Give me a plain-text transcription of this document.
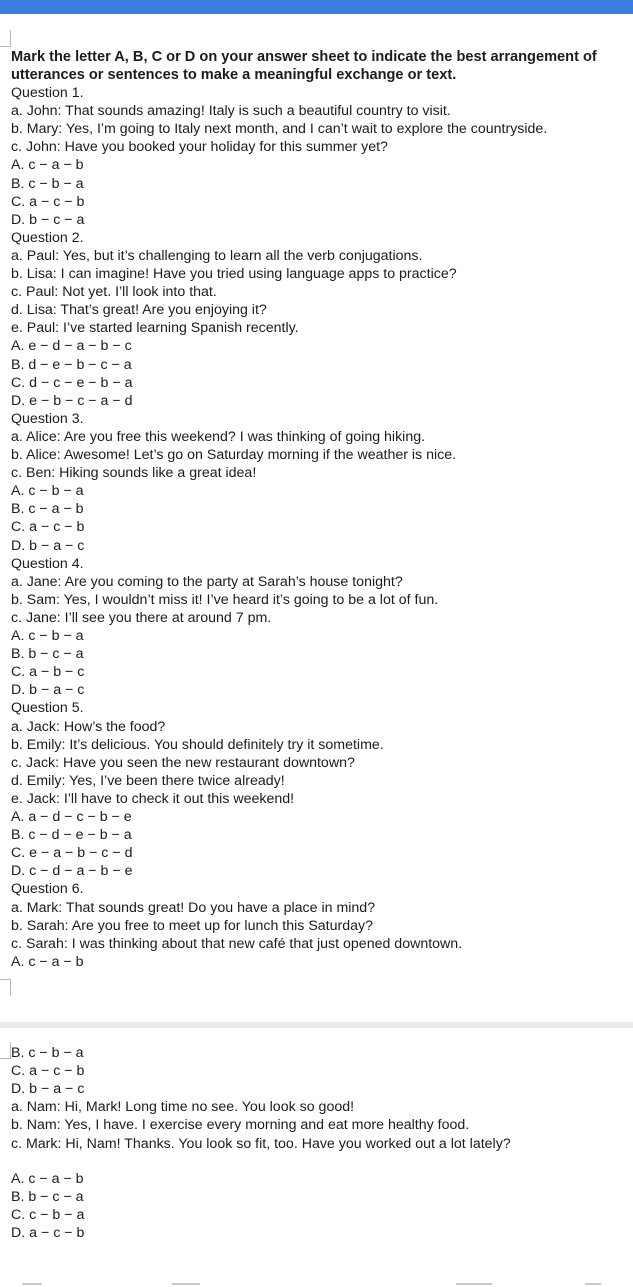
Mark the letter A, B, C or D on your answer sheet to indicate the best arrangement of
utterances or sentences to make a meaningful exchange or text.
Question 1.
a. John: That sounds amazing! Italy is such a beautiful country to visit.
b. Mary: Yes, I’m going to Italy next month, and I can’t wait to explore the countryside.
c. John: Have you booked your holiday for this summer yet?
A. c − a − b
B. c − b − a
C. a − c − b
D. b − c − a
Question 2.
a. Paul: Yes, but it’s challenging to learn all the verb conjugations.
b. Lisa: I can imagine! Have you tried using language apps to practice?
c. Paul: Not yet. I’ll look into that.
d. Lisa: That’s great! Are you enjoying it?
e. Paul: I’ve started learning Spanish recently.
A. e − d − a − b − c
B. d − e − b − c − a
C. d − c − e − b − a
D. e − b − c − a − d
Question 3.
a. Alice: Are you free this weekend? I was thinking of going hiking.
b. Alice: Awesome! Let’s go on Saturday morning if the weather is nice.
c. Ben: Hiking sounds like a great idea!
A. c − b − a
B. c − a − b
C. a − c − b
D. b − a − c
Question 4.
a. Jane: Are you coming to the party at Sarah’s house tonight?
b. Sam: Yes, I wouldn’t miss it! I’ve heard it’s going to be a lot of fun.
c. Jane: I’ll see you there at around 7 pm.
A. c − b − a
B. b − c − a
C. a − b − c
D. b − a − c
Question 5.
a. Jack: How’s the food?
b. Emily: It’s delicious. You should definitely try it sometime.
c. Jack: Have you seen the new restaurant downtown?
d. Emily: Yes, I’ve been there twice already!
e. Jack: I’ll have to check it out this weekend!
A. a − d − c − b − e
B. c − d − e − b − a
C. e − a − b − c − d
D. c − d − a − b − e
Question 6.
a. Mark: That sounds great! Do you have a place in mind?
b. Sarah: Are you free to meet up for lunch this Saturday?
c. Sarah: I was thinking about that new café that just opened downtown.
A. c − a − b
B. c − b − a
C. a − c − b
D. b − a − c
a. Nam: Hi, Mark! Long time no see. You look so good!
b. Nam: Yes, I have. I exercise every morning and eat more healthy food.
c. Mark: Hi, Nam! Thanks. You look so fit, too. Have you worked out a lot lately?
A. c − a − b
B. b − c − a
C. c − b − a
D. a − c − b
